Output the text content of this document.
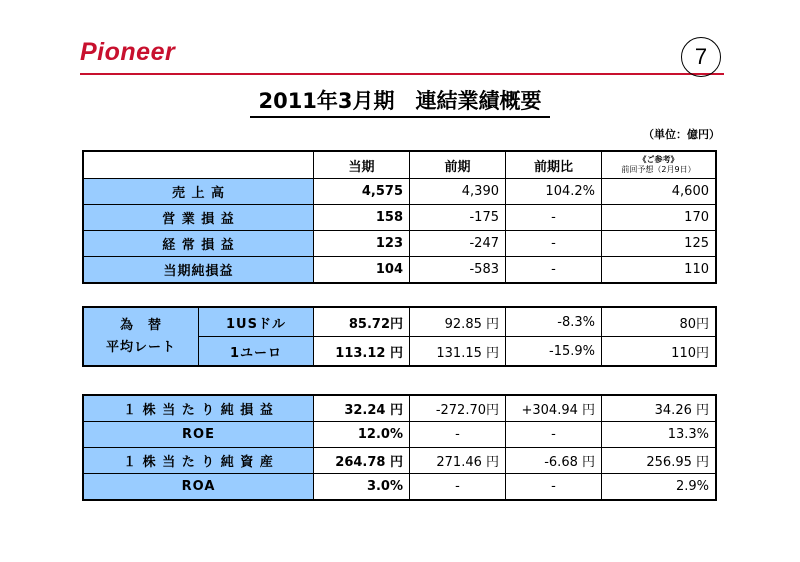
Pioneer	7
2011年3月期　連結業績概要
（単位：億円）
	当期	前期	前期比	《ご参考》
前回予想（2月9日）

売 上 高	4,575	4,390	104.2%	4,600
営 業 損 益	158	-175	-	170
経 常 損 益	123	-247	-	125
当期純損益	104	-583	-	110
為　替
平均レート	1USドル	85.72円	92.85 円	-8.3%	80円
	1ユーロ	113.12 円	131.15 円	-15.9%	110円
１ 株 当 た り 純 損 益	32.24 円	-272.70円	+304.94 円	34.26 円
ROE	12.0%	-	-	13.3%
１ 株 当 た り 純 資 産	264.78 円	271.46 円	-6.68 円	256.95 円
ROA	3.0%	-	-	2.9%
